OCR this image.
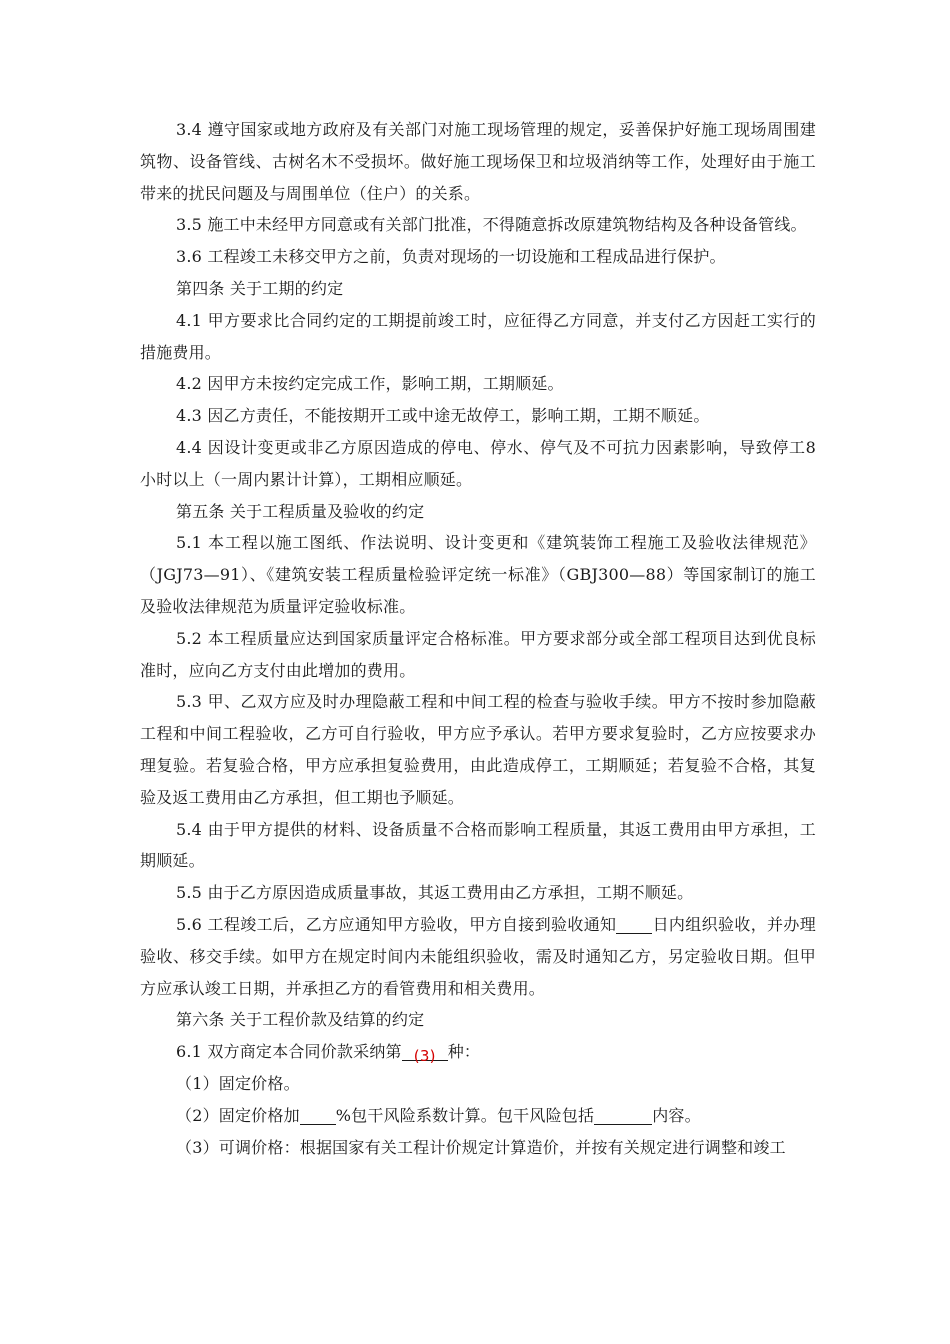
3.4 遵守国家或地方政府及有关部门对施工现场管理的规定，妥善保护好施工现场周围建筑物、设备管线、古树名木不受损坏。做好施工现场保卫和垃圾消纳等工作，处理好由于施工带来的扰民问题及与周围单位（住户）的关系。

3.5 施工中未经甲方同意或有关部门批准，不得随意拆改原建筑物结构及各种设备管线。

3.6 工程竣工未移交甲方之前，负责对现场的一切设施和工程成品进行保护。

第四条 关于工期的约定

4.1 甲方要求比合同约定的工期提前竣工时，应征得乙方同意，并支付乙方因赶工实行的措施费用。

4.2 因甲方未按约定完成工作，影响工期，工期顺延。

4.3 因乙方责任，不能按期开工或中途无故停工，影响工期，工期不顺延。

4.4 因设计变更或非乙方原因造成的停电、停水、停气及不可抗力因素影响，导致停工8小时以上（一周内累计计算），工期相应顺延。

第五条 关于工程质量及验收的约定

5.1 本工程以施工图纸、作法说明、设计变更和《建筑装饰工程施工及验收法律规范》（JGJ73—91）、《建筑安装工程质量检验评定统一标准》（GBJ300—88）等国家制订的施工及验收法律规范为质量评定验收标准。

5.2 本工程质量应达到国家质量评定合格标准。甲方要求部分或全部工程项目达到优良标准时，应向乙方支付由此增加的费用。

5.3 甲、乙双方应及时办理隐蔽工程和中间工程的检查与验收手续。甲方不按时参加隐蔽工程和中间工程验收，乙方可自行验收，甲方应予承认。若甲方要求复验时，乙方应按要求办理复验。若复验合格，甲方应承担复验费用，由此造成停工，工期顺延；若复验不合格，其复验及返工费用由乙方承担，但工期也予顺延。

5.4 由于甲方提供的材料、设备质量不合格而影响工程质量，其返工费用由甲方承担，工期顺延。

5.5 由于乙方原因造成质量事故，其返工费用由乙方承担，工期不顺延。

5.6 工程竣工后，乙方应通知甲方验收，甲方自接到验收通知 日内组织验收，并办理验收、移交手续。如甲方在规定时间内未能组织验收，需及时通知乙方，另定验收日期。但甲方应承认竣工日期，并承担乙方的看管费用和相关费用。

第六条 关于工程价款及结算的约定

6.1 双方商定本合同价款采纳第 (3) 种：

（1）固定价格。

（2）固定价格加 %包干风险系数计算。包干风险包括	内容。

（3）可调价格：根据国家有关工程计价规定计算造价，并按有关规定进行调整和竣工
